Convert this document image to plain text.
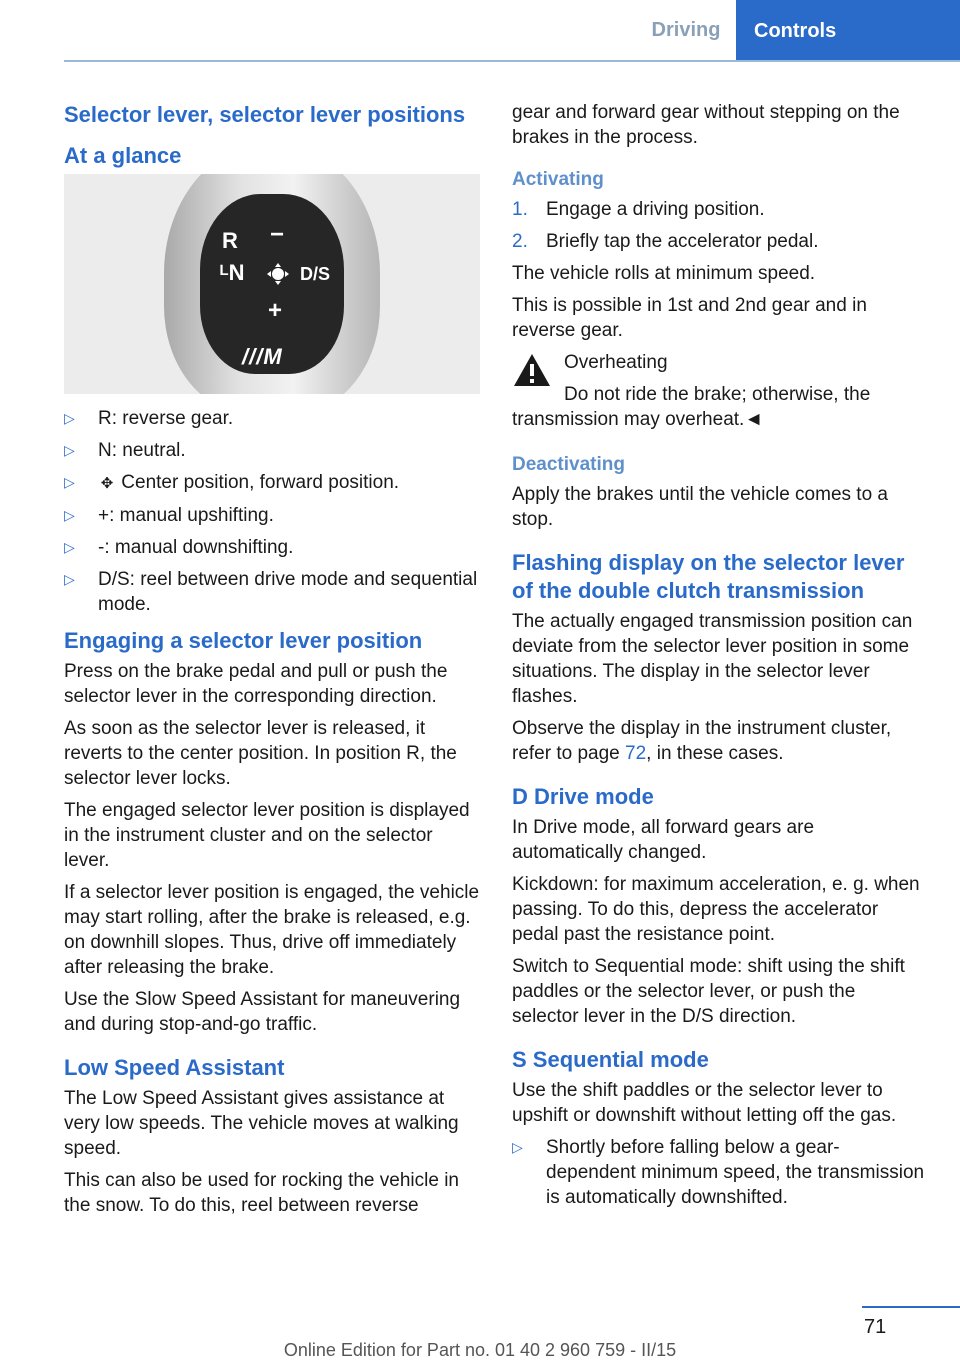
Driving	Controls
Selector lever, selector lever positions
At a glance
R −
ᴸN	D/S
+
///M
▷ R: reverse gear.
▷ N: neutral.
▷ ✥ Center position, forward position.
▷ +: manual upshifting.
▷ -: manual downshifting.
▷ D/S: reel between drive mode and sequential mode.
Engaging a selector lever position

Press on the brake pedal and pull or push the selector lever in the corresponding direction.

As soon as the selector lever is released, it reverts to the center position. In position R, the selector lever locks.

The engaged selector lever position is displayed in the instrument cluster and on the selector lever.

If a selector lever position is engaged, the vehicle may start rolling, after the brake is released, e.g. on downhill slopes. Thus, drive off immediately after releasing the brake.

Use the Slow Speed Assistant for maneuvering and during stop-and-go traffic.

Low Speed Assistant

The Low Speed Assistant gives assistance at very low speeds. The vehicle moves at walking speed.

This can also be used for rocking the vehicle in the snow. To do this, reel between reverse

gear and forward gear without stepping on the brakes in the process.

Activating
1. Engage a driving position.
2. Briefly tap the accelerator pedal.

The vehicle rolls at minimum speed.

This is possible in 1st and 2nd gear and in reverse gear.

Overheating

Do not ride the brake; otherwise, the transmission may overheat.◄

Deactivating

Apply the brakes until the vehicle comes to a stop.

Flashing display on the selector lever of the double clutch transmission

The actually engaged transmission position can deviate from the selector lever position in some situations. The display in the selector lever flashes.

Observe the display in the instrument cluster, refer to page 72, in these cases.

D Drive mode

In Drive mode, all forward gears are automatically changed.

Kickdown: for maximum acceleration, e. g. when passing. To do this, depress the accelerator pedal past the resistance point.

Switch to Sequential mode: shift using the shift paddles or the selector lever, or push the selector lever in the D/S direction.

S Sequential mode

Use the shift paddles or the selector lever to upshift or downshift without letting off the gas.

▷ Shortly before falling below a gear-dependent minimum speed, the transmission is automatically downshifted.
71
Online Edition for Part no. 01 40 2 960 759 - II/15
